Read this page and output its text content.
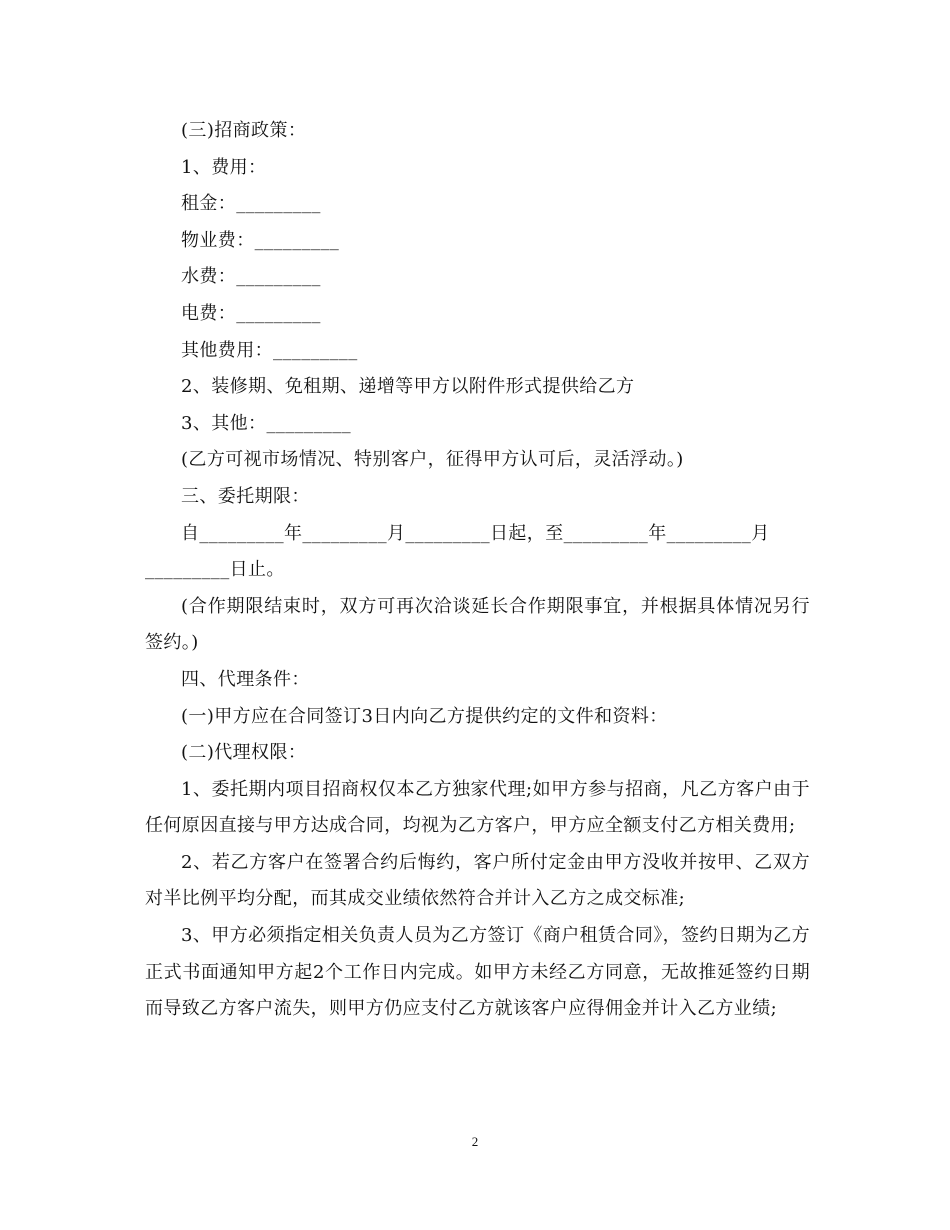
(三)招商政策：
1、费用：
租金：_________
物业费：_________
水费：_________
电费：_________
其他费用：_________
2、装修期、免租期、递增等甲方以附件形式提供给乙方
3、其他：_________
(乙方可视市场情况、特别客户，征得甲方认可后，灵活浮动。)
三、委托期限：
自_________年_________月_________日起，至_________年_________月
_________日止。
(合作期限结束时，双方可再次洽谈延长合作期限事宜，并根据具体情况另行签约。)
四、代理条件：
(一)甲方应在合同签订3日内向乙方提供约定的文件和资料：
(二)代理权限：
1、委托期内项目招商权仅本乙方独家代理;如甲方参与招商，凡乙方客户由于任何原因直接与甲方达成合同，均视为乙方客户，甲方应全额支付乙方相关费用;
2、若乙方客户在签署合约后悔约，客户所付定金由甲方没收并按甲、乙双方对半比例平均分配，而其成交业绩依然符合并计入乙方之成交标准;
3、甲方必须指定相关负责人员为乙方签订《商户租赁合同》，签约日期为乙方正式书面通知甲方起2个工作日内完成。如甲方未经乙方同意，无故推延签约日期而导致乙方客户流失，则甲方仍应支付乙方就该客户应得佣金并计入乙方业绩;
2
